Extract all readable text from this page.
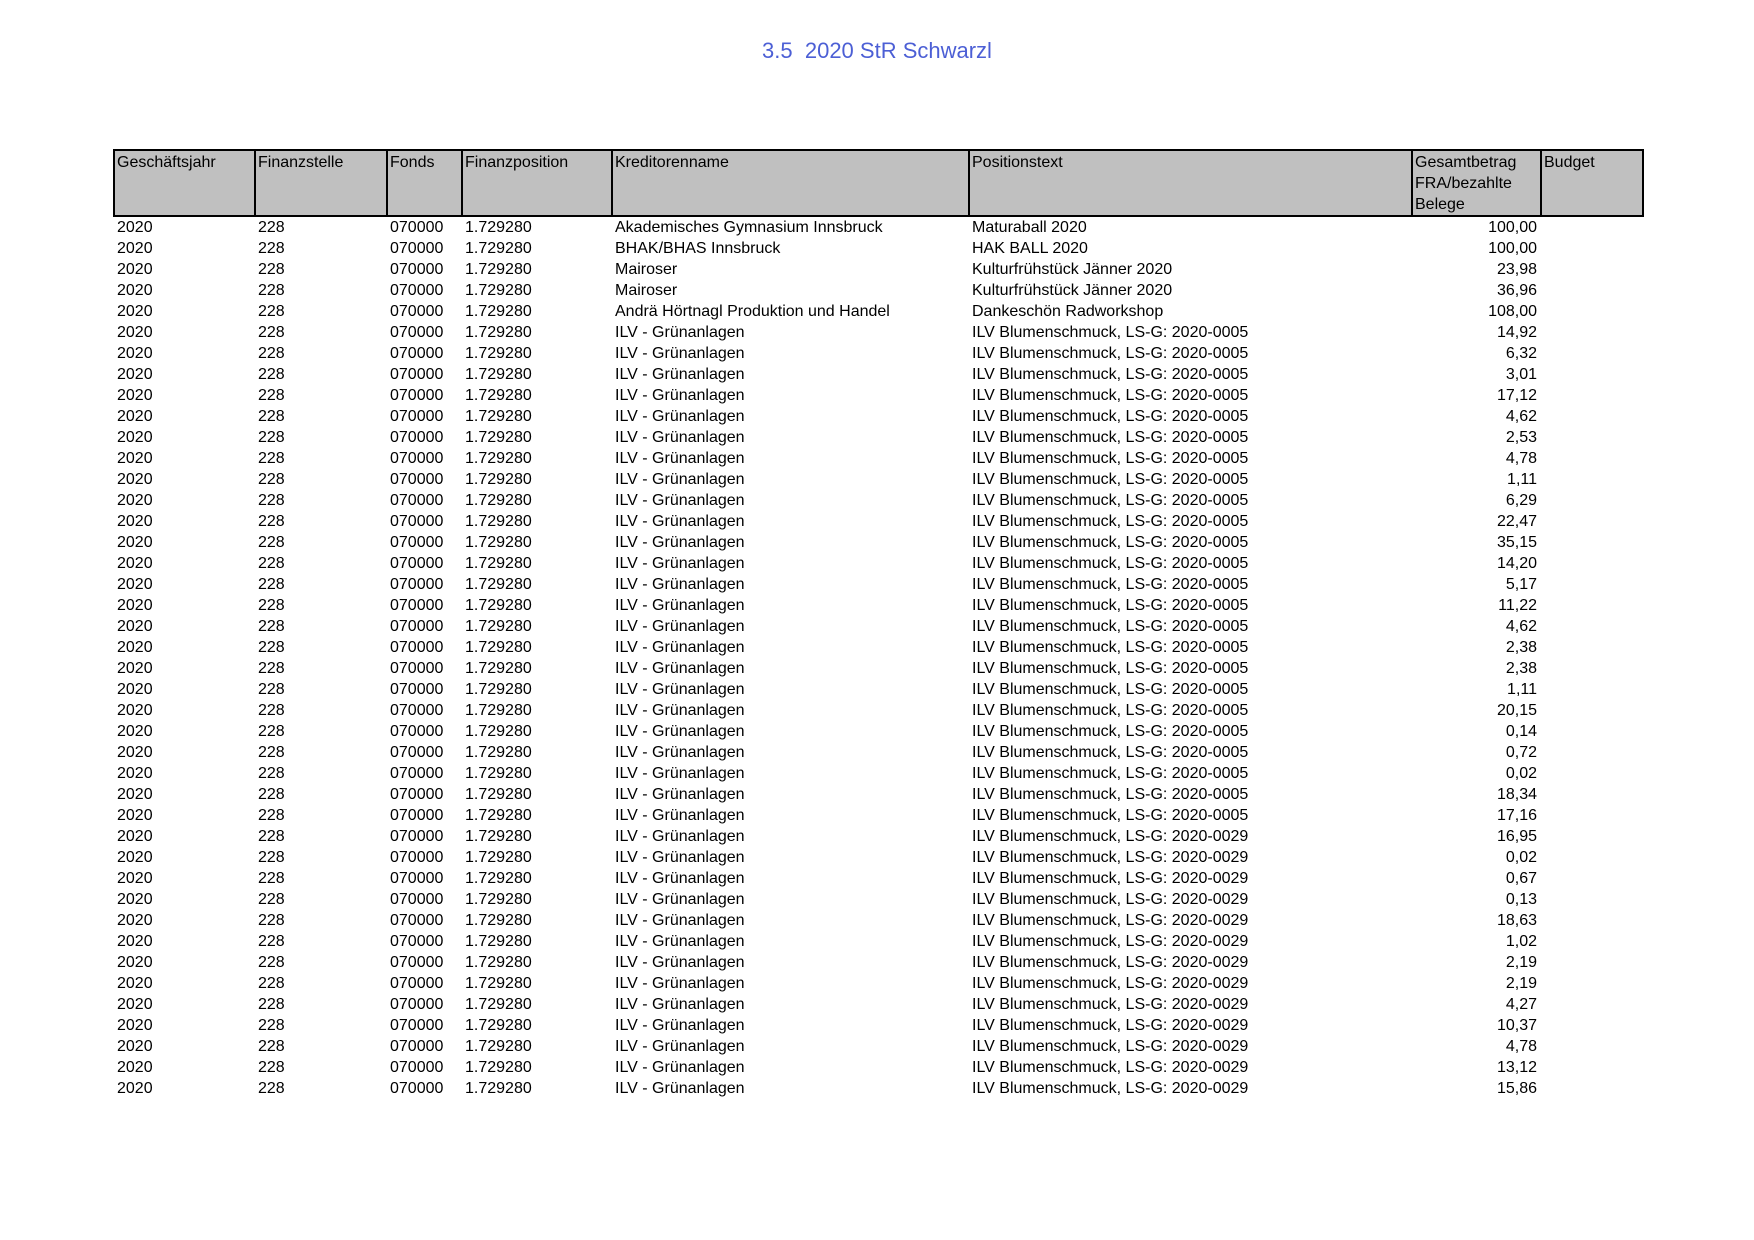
3.5  2020 StR Schwarzl
Geschäftsjahr	Finanzstelle	Fonds	Finanzposition	Kreditorenname	Positionstext	Gesamtbetrag
FRA/bezahlte
Belege	Budget
2020	228	070000	1.729280	Akademisches Gymnasium Innsbruck	Maturaball 2020	100,00	
2020	228	070000	1.729280	BHAK/BHAS Innsbruck	HAK BALL 2020	100,00	
2020	228	070000	1.729280	Mairoser	Kulturfrühstück Jänner 2020	23,98	
2020	228	070000	1.729280	Mairoser	Kulturfrühstück Jänner 2020	36,96	
2020	228	070000	1.729280	Andrä Hörtnagl Produktion und Handel	Dankeschön Radworkshop	108,00	
2020	228	070000	1.729280	ILV - Grünanlagen	ILV Blumenschmuck, LS-G: 2020-0005	14,92	
2020	228	070000	1.729280	ILV - Grünanlagen	ILV Blumenschmuck, LS-G: 2020-0005	6,32	
2020	228	070000	1.729280	ILV - Grünanlagen	ILV Blumenschmuck, LS-G: 2020-0005	3,01	
2020	228	070000	1.729280	ILV - Grünanlagen	ILV Blumenschmuck, LS-G: 2020-0005	17,12	
2020	228	070000	1.729280	ILV - Grünanlagen	ILV Blumenschmuck, LS-G: 2020-0005	4,62	
2020	228	070000	1.729280	ILV - Grünanlagen	ILV Blumenschmuck, LS-G: 2020-0005	2,53	
2020	228	070000	1.729280	ILV - Grünanlagen	ILV Blumenschmuck, LS-G: 2020-0005	4,78	
2020	228	070000	1.729280	ILV - Grünanlagen	ILV Blumenschmuck, LS-G: 2020-0005	1,11	
2020	228	070000	1.729280	ILV - Grünanlagen	ILV Blumenschmuck, LS-G: 2020-0005	6,29	
2020	228	070000	1.729280	ILV - Grünanlagen	ILV Blumenschmuck, LS-G: 2020-0005	22,47	
2020	228	070000	1.729280	ILV - Grünanlagen	ILV Blumenschmuck, LS-G: 2020-0005	35,15	
2020	228	070000	1.729280	ILV - Grünanlagen	ILV Blumenschmuck, LS-G: 2020-0005	14,20	
2020	228	070000	1.729280	ILV - Grünanlagen	ILV Blumenschmuck, LS-G: 2020-0005	5,17	
2020	228	070000	1.729280	ILV - Grünanlagen	ILV Blumenschmuck, LS-G: 2020-0005	11,22	
2020	228	070000	1.729280	ILV - Grünanlagen	ILV Blumenschmuck, LS-G: 2020-0005	4,62	
2020	228	070000	1.729280	ILV - Grünanlagen	ILV Blumenschmuck, LS-G: 2020-0005	2,38	
2020	228	070000	1.729280	ILV - Grünanlagen	ILV Blumenschmuck, LS-G: 2020-0005	2,38	
2020	228	070000	1.729280	ILV - Grünanlagen	ILV Blumenschmuck, LS-G: 2020-0005	1,11	
2020	228	070000	1.729280	ILV - Grünanlagen	ILV Blumenschmuck, LS-G: 2020-0005	20,15	
2020	228	070000	1.729280	ILV - Grünanlagen	ILV Blumenschmuck, LS-G: 2020-0005	0,14	
2020	228	070000	1.729280	ILV - Grünanlagen	ILV Blumenschmuck, LS-G: 2020-0005	0,72	
2020	228	070000	1.729280	ILV - Grünanlagen	ILV Blumenschmuck, LS-G: 2020-0005	0,02	
2020	228	070000	1.729280	ILV - Grünanlagen	ILV Blumenschmuck, LS-G: 2020-0005	18,34	
2020	228	070000	1.729280	ILV - Grünanlagen	ILV Blumenschmuck, LS-G: 2020-0005	17,16	
2020	228	070000	1.729280	ILV - Grünanlagen	ILV Blumenschmuck, LS-G: 2020-0029	16,95	
2020	228	070000	1.729280	ILV - Grünanlagen	ILV Blumenschmuck, LS-G: 2020-0029	0,02	
2020	228	070000	1.729280	ILV - Grünanlagen	ILV Blumenschmuck, LS-G: 2020-0029	0,67	
2020	228	070000	1.729280	ILV - Grünanlagen	ILV Blumenschmuck, LS-G: 2020-0029	0,13	
2020	228	070000	1.729280	ILV - Grünanlagen	ILV Blumenschmuck, LS-G: 2020-0029	18,63	
2020	228	070000	1.729280	ILV - Grünanlagen	ILV Blumenschmuck, LS-G: 2020-0029	1,02	
2020	228	070000	1.729280	ILV - Grünanlagen	ILV Blumenschmuck, LS-G: 2020-0029	2,19	
2020	228	070000	1.729280	ILV - Grünanlagen	ILV Blumenschmuck, LS-G: 2020-0029	2,19	
2020	228	070000	1.729280	ILV - Grünanlagen	ILV Blumenschmuck, LS-G: 2020-0029	4,27	
2020	228	070000	1.729280	ILV - Grünanlagen	ILV Blumenschmuck, LS-G: 2020-0029	10,37	
2020	228	070000	1.729280	ILV - Grünanlagen	ILV Blumenschmuck, LS-G: 2020-0029	4,78	
2020	228	070000	1.729280	ILV - Grünanlagen	ILV Blumenschmuck, LS-G: 2020-0029	13,12	
2020	228	070000	1.729280	ILV - Grünanlagen	ILV Blumenschmuck, LS-G: 2020-0029	15,86	
